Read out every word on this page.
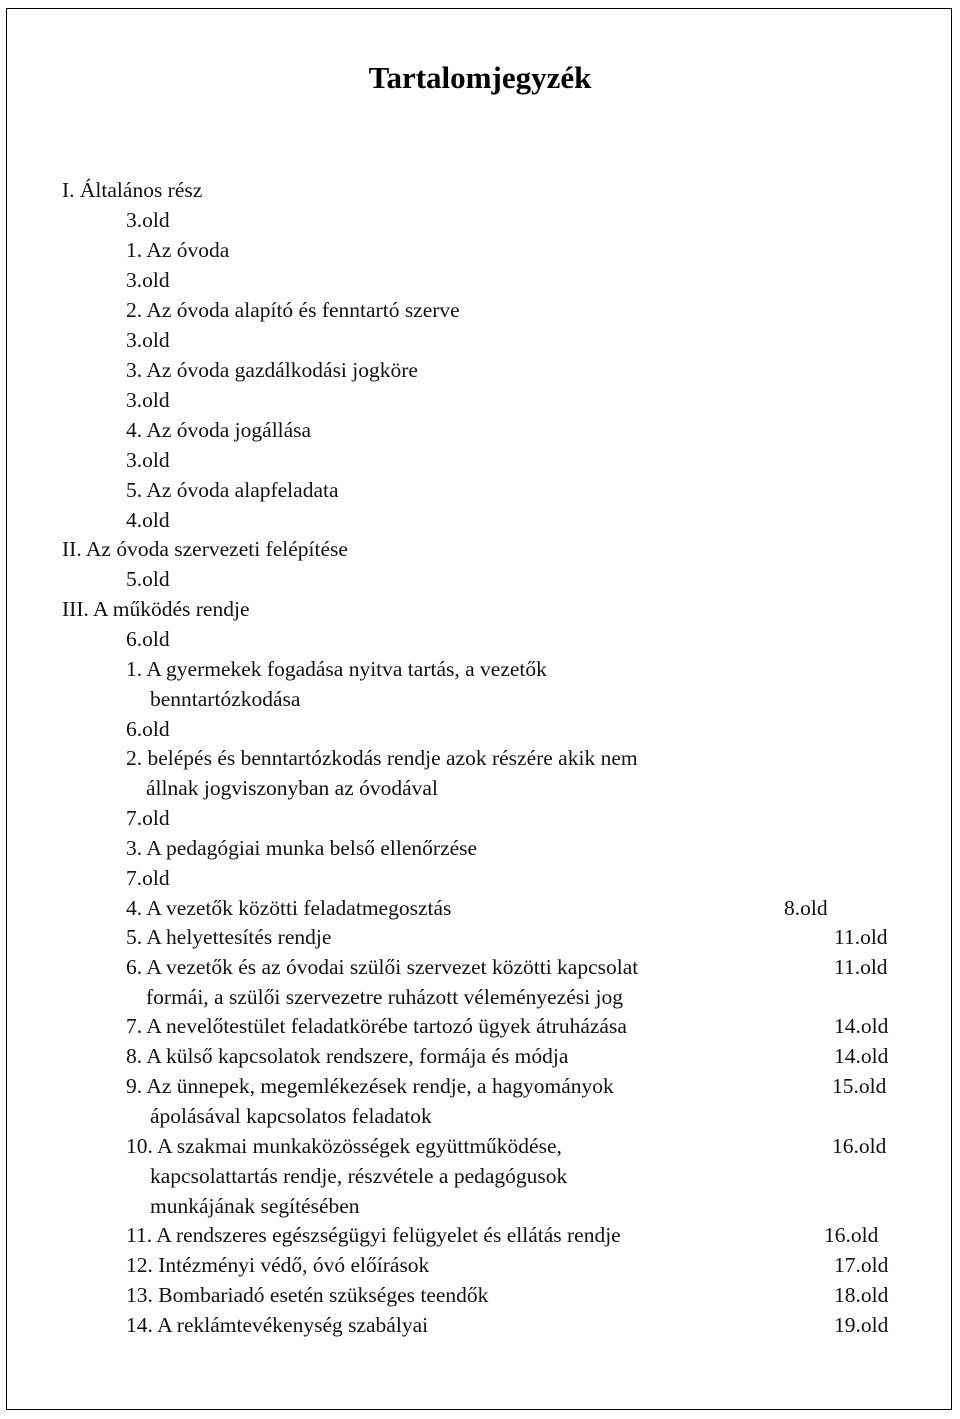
Tartalomjegyzék
I. Általános rész
3.old
1. Az óvoda
3.old
2. Az óvoda alapító és fenntartó szerve
3.old
3. Az óvoda gazdálkodási jogköre
3.old
4. Az óvoda jogállása
3.old
5. Az óvoda alapfeladata
4.old
II. Az óvoda szervezeti felépítése
5.old
III. A működés rendje
6.old
1. A gyermekek fogadása nyitva tartás, a vezetők
benntartózkodása
6.old
2. belépés és benntartózkodás rendje azok részére akik nem
állnak jogviszonyban az óvodával
7.old
3. A pedagógiai munka belső ellenőrzése
7.old
4. A vezetők közötti feladatmegosztás
5. A helyettesítés rendje
6. A vezetők és az óvodai szülői szervezet közötti kapcsolat
formái, a szülői szervezetre ruházott véleményezési jog
7. A nevelőtestület feladatkörébe tartozó ügyek átruházása
8. A külső kapcsolatok rendszere, formája és módja
9. Az ünnepek, megemlékezések rendje, a hagyományok
ápolásával kapcsolatos feladatok
10. A szakmai munkaközösségek együttműködése,
kapcsolattartás rendje, részvétele a pedagógusok
munkájának segítésében
11. A rendszeres egészségügyi felügyelet és ellátás rendje
12. Intézményi védő, óvó előírások
13. Bombariadó esetén szükséges teendők
14. A reklámtevékenység szabályai
8.old
11.old
11.old
14.old
14.old
15.old
16.old
16.old
17.old
18.old
19.old
